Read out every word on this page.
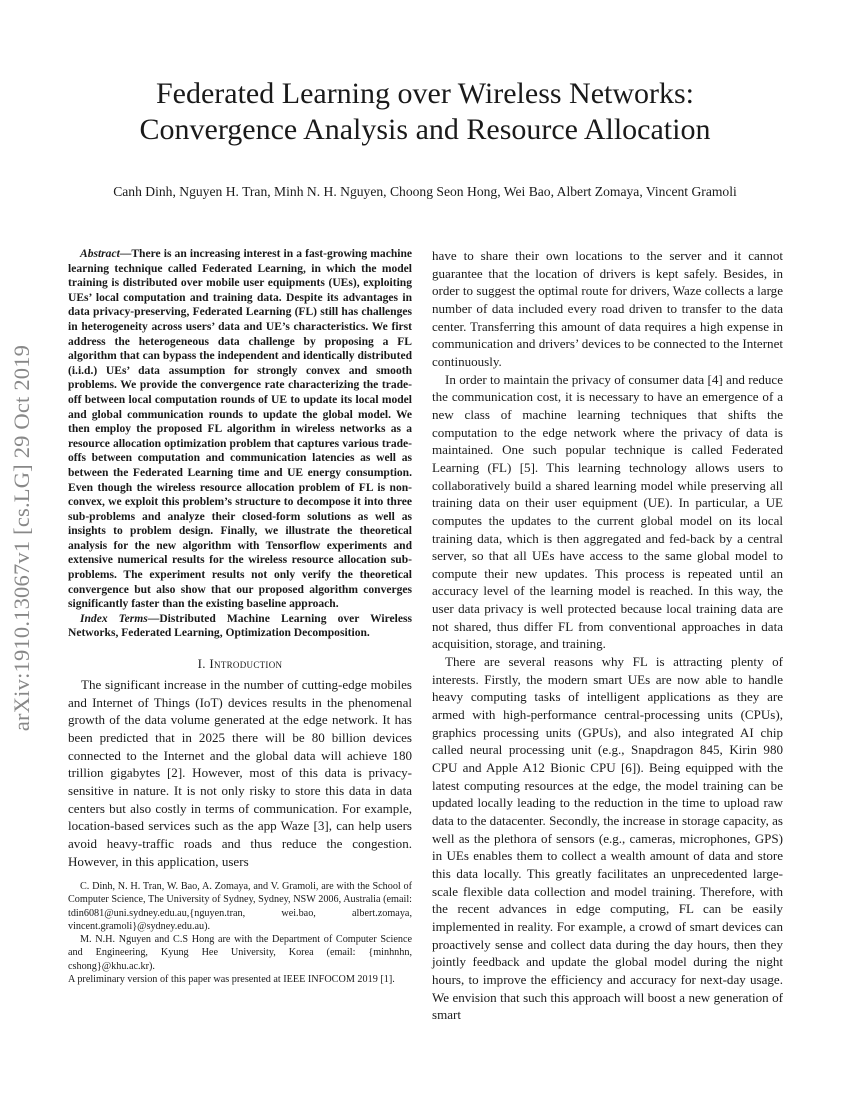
Federated Learning over Wireless Networks:
Convergence Analysis and Resource Allocation
Canh Dinh, Nguyen H. Tran, Minh N. H. Nguyen, Choong Seon Hong, Wei Bao, Albert Zomaya, Vincent Gramoli
arXiv:1910.13067v1 [cs.LG] 29 Oct 2019

Abstract—There is an increasing interest in a fast-growing machine learning technique called Federated Learning, in which the model training is distributed over mobile user equipments (UEs), exploiting UEs’ local computation and training data. Despite its advantages in data privacy-preserving, Federated Learning (FL) still has challenges in heterogeneity across users’ data and UE’s characteristics. We first address the heterogeneous data challenge by proposing a FL algorithm that can bypass the independent and identically distributed (i.i.d.) UEs’ data assumption for strongly convex and smooth problems. We provide the convergence rate characterizing the trade-off between local computation rounds of UE to update its local model and global communication rounds to update the global model. We then employ the proposed FL algorithm in wireless networks as a resource allocation optimization problem that captures various trade-offs between computation and communication latencies as well as between the Federated Learning time and UE energy consumption. Even though the wireless resource allocation problem of FL is non-convex, we exploit this problem’s structure to decompose it into three sub-problems and analyze their closed-form solutions as well as insights to problem design. Finally, we illustrate the theoretical analysis for the new algorithm with Tensorflow experiments and extensive numerical results for the wireless resource allocation sub-problems. The experiment results not only verify the theoretical convergence but also show that our proposed algorithm converges significantly faster than the existing baseline approach.

Index Terms—Distributed Machine Learning over Wireless Networks, Federated Learning, Optimization Decomposition.

I. Introduction

The significant increase in the number of cutting-edge mobiles and Internet of Things (IoT) devices results in the phenomenal growth of the data volume generated at the edge network. It has been predicted that in 2025 there will be 80 billion devices connected to the Internet and the global data will achieve 180 trillion gigabytes [2]. However, most of this data is privacy-sensitive in nature. It is not only risky to store this data in data centers but also costly in terms of communication. For example, location-based services such as the app Waze [3], can help users avoid heavy-traffic roads and thus reduce the congestion. However, in this application, users

C. Dinh, N. H. Tran, W. Bao, A. Zomaya, and V. Gramoli, are with the School of Computer Science, The University of Sydney, Sydney, NSW 2006, Australia (email: tdin6081@uni.sydney.edu.au,{nguyen.tran, wei.bao, albert.zomaya, vincent.gramoli}@sydney.edu.au).

M. N.H. Nguyen and C.S Hong are with the Department of Computer Science and Engineering, Kyung Hee University, Korea (email: {minhnhn, cshong}@khu.ac.kr).

A preliminary version of this paper was presented at IEEE INFOCOM 2019 [1].

have to share their own locations to the server and it cannot guarantee that the location of drivers is kept safely. Besides, in order to suggest the optimal route for drivers, Waze collects a large number of data included every road driven to transfer to the data center. Transferring this amount of data requires a high expense in communication and drivers’ devices to be connected to the Internet continuously.

In order to maintain the privacy of consumer data [4] and reduce the communication cost, it is necessary to have an emergence of a new class of machine learning techniques that shifts the computation to the edge network where the privacy of data is maintained. One such popular technique is called Federated Learning (FL) [5]. This learning technology allows users to collaboratively build a shared learning model while preserving all training data on their user equipment (UE). In particular, a UE computes the updates to the current global model on its local training data, which is then aggregated and fed-back by a central server, so that all UEs have access to the same global model to compute their new updates. This process is repeated until an accuracy level of the learning model is reached. In this way, the user data privacy is well protected because local training data are not shared, thus differ FL from conventional approaches in data acquisition, storage, and training.

There are several reasons why FL is attracting plenty of interests. Firstly, the modern smart UEs are now able to handle heavy computing tasks of intelligent applications as they are armed with high-performance central-processing units (CPUs), graphics processing units (GPUs), and also integrated AI chip called neural processing unit (e.g., Snapdragon 845, Kirin 980 CPU and Apple A12 Bionic CPU [6]). Being equipped with the latest computing resources at the edge, the model training can be updated locally leading to the reduction in the time to upload raw data to the datacenter. Secondly, the increase in storage capacity, as well as the plethora of sensors (e.g., cameras, microphones, GPS) in UEs enables them to collect a wealth amount of data and store this data locally. This greatly facilitates an unprecedented large-scale flexible data collection and model training. Therefore, with the recent advances in edge computing, FL can be easily implemented in reality. For example, a crowd of smart devices can proactively sense and collect data during the day hours, then they jointly feedback and update the global model during the night hours, to improve the efficiency and accuracy for next-day usage. We envision that such this approach will boost a new generation of smart
